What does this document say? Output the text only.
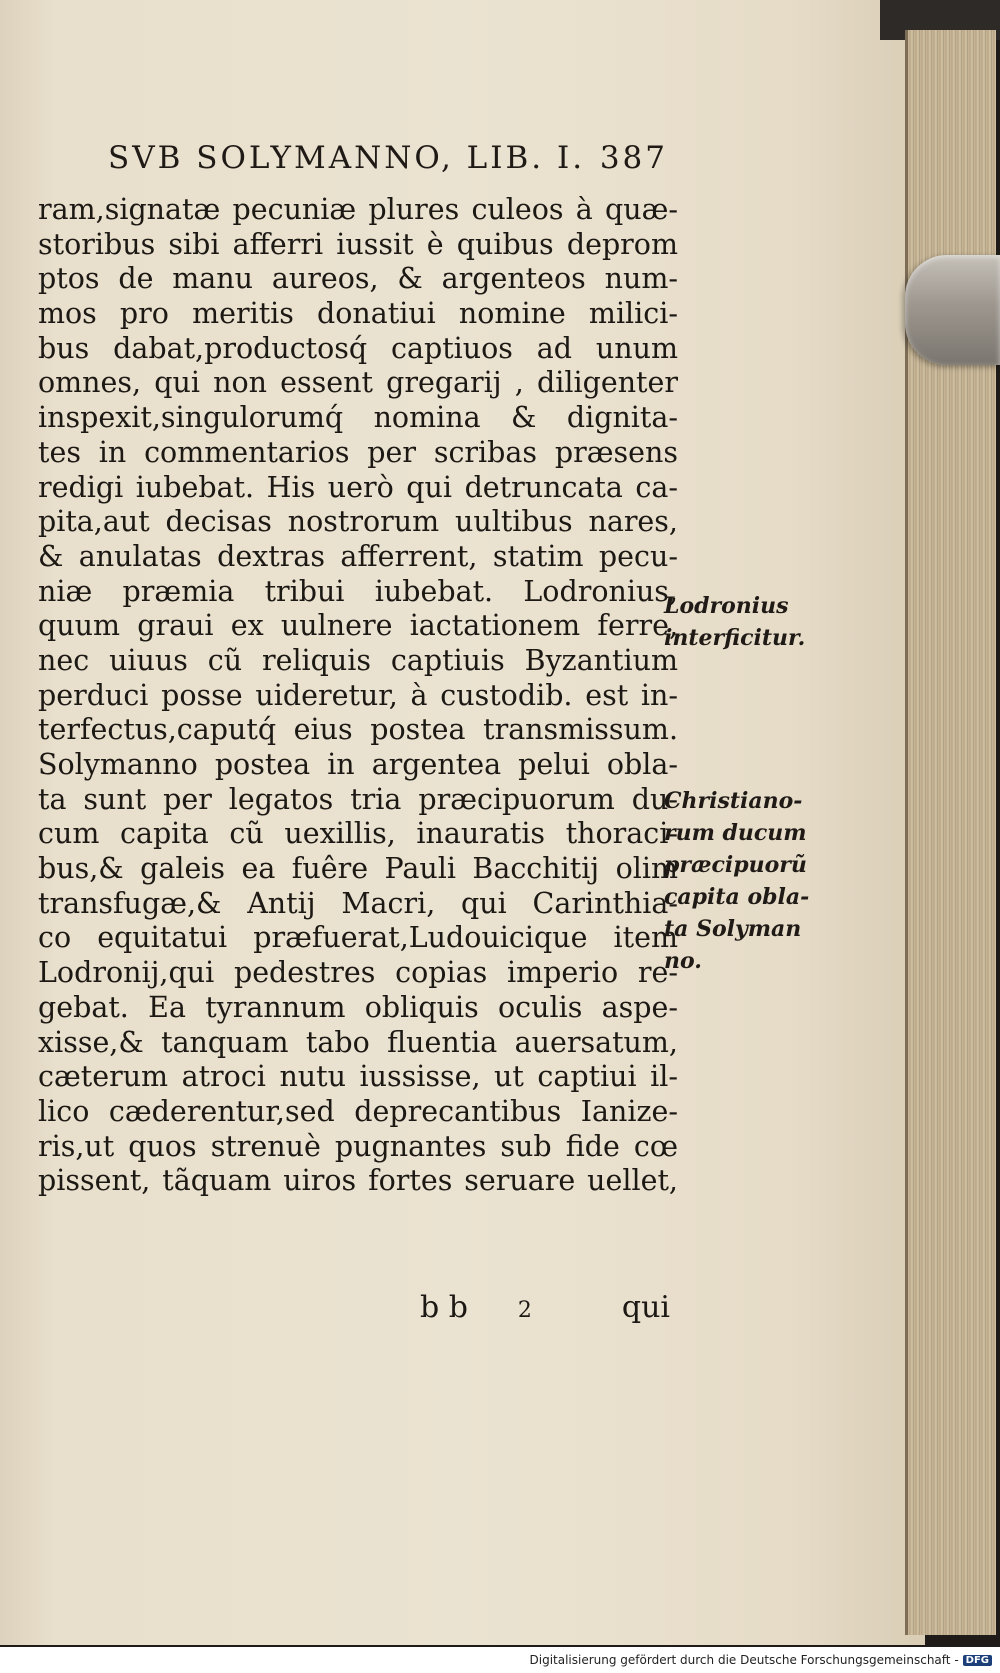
SVB SOLYMANNO, LIB. I. 387
ram,signatæ pecuniæ plures culeos à quæ-
storibus sibi afferri iussit è quibus deprom
ptos de manu aureos, & argenteos num-
mos pro meritis donatiui nomine milici-
bus dabat,productosq́ captiuos ad unum
omnes, qui non essent gregarij , diligenter
inspexit,singulorumq́ nomina & dignita-
tes in commentarios per scribas præsens
redigi iubebat. His uerò qui detruncata ca-
pita,aut decisas nostrorum uultibus nares,
& anulatas dextras afferrent, statim pecu-
niæ præmia tribui iubebat. Lodronius,
quum graui ex uulnere iactationem ferre,
nec uiuus cũ reliquis captiuis Byzantium
perduci posse uideretur, à custodib. est in-
terfectus,caputq́ eius postea transmissum.
Solymanno postea in argentea pelui obla-
ta sunt per legatos tria præcipuorum du-
cum capita cũ uexillis, inauratis thoraci-
bus,& galeis ea fuêre Pauli Bacchitij olim
transfugæ,& Antij Macri, qui Carinthia-
co equitatui præfuerat,Ludouicique item
Lodronij,qui pedestres copias imperio re-
gebat. Ea tyrannum obliquis oculis aspe-
xisse,& tanquam tabo fluentia auersatum,
cæterum atroci nutu iussisse, ut captiui il-
lico cæderentur,sed deprecantibus Ianize-
ris,ut quos strenuè pugnantes sub fide cœ
pissent, tãquam uiros fortes seruare uellet,
Lodronius
interficitur.
Christiano-
rum ducum
præcipuorũ
capita obla-
ta Solyman
no.
b b 2	qui
Digitalisierung gefördert durch die Deutsche Forschungsgemeinschaft - DFG
